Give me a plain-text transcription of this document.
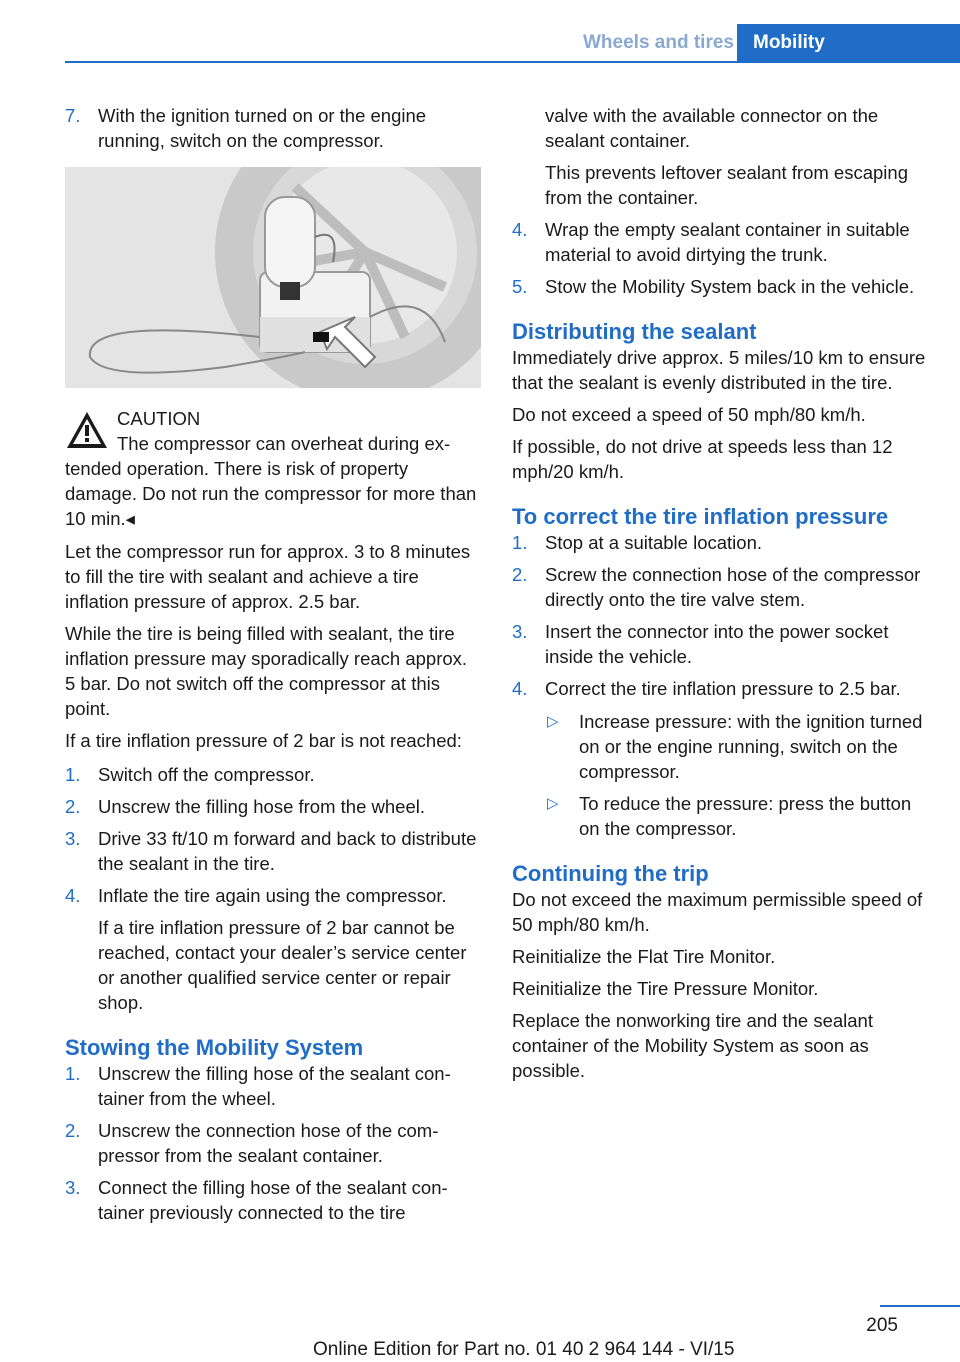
Wheels and tires	Mobility
7. With the ignition turned on or the engine running, switch on the compressor.
CAUTION
The compressor can overheat during ex-
tended operation. There is risk of property damage. Do not run the compressor for more than 10 min.◂

Let the compressor run for approx. 3 to 8 minutes to fill the tire with sealant and achieve a tire inflation pressure of approx. 2.5 bar.

While the tire is being filled with sealant, the tire inflation pressure may sporadically reach approx. 5 bar. Do not switch off the compressor at this point.

If a tire inflation pressure of 2 bar is not reached:

1. Switch off the compressor.
2. Unscrew the filling hose from the wheel.
3. Drive 33 ft/10 m forward and back to distribute the sealant in the tire.
4. Inflate the tire again using the compressor.

If a tire inflation pressure of 2 bar cannot be reached, contact your dealer’s service center or another qualified service center or repair shop.

Stowing the Mobility System
1. Unscrew the filling hose of the sealant container from the wheel.
2. Unscrew the connection hose of the compressor from the sealant container.
3. Connect the filling hose of the sealant container previously connected to the tire

valve with the available connector on the sealant container.

This prevents leftover sealant from escaping from the container.

4. Wrap the empty sealant container in suitable material to avoid dirtying the trunk.
5. Stow the Mobility System back in the vehicle.
Distributing the sealant

Immediately drive approx. 5 miles/10 km to ensure that the sealant is evenly distributed in the tire.

Do not exceed a speed of 50 mph/80 km/h.

If possible, do not drive at speeds less than 12 mph/20 km/h.

To correct the tire inflation pressure
1. Stop at a suitable location.
2. Screw the connection hose of the compressor directly onto the tire valve stem.
3. Insert the connector into the power socket inside the vehicle.
4. Correct the tire inflation pressure to 2.5 bar.
▷ Increase pressure: with the ignition turned on or the engine running, switch on the compressor.
▷ To reduce the pressure: press the button on the compressor.
Continuing the trip

Do not exceed the maximum permissible speed of 50 mph/80 km/h.

Reinitialize the Flat Tire Monitor.

Reinitialize the Tire Pressure Monitor.

Replace the nonworking tire and the sealant container of the Mobility System as soon as possible.

205
Online Edition for Part no. 01 40 2 964 144 - VI/15
